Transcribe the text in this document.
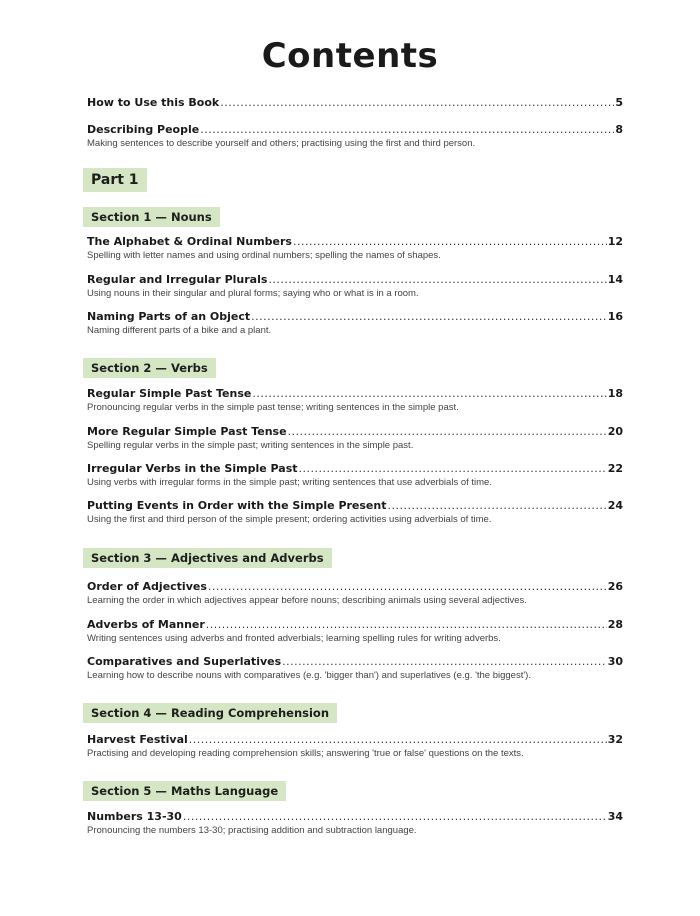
Contents
How to Use this Book .....	5
Describing People .....	8
Making sentences to describe yourself and others; practising using the first and third person.
Part 1
Section 1 — Nouns
The Alphabet & Ordinal Numbers .....	12
Spelling with letter names and using ordinal numbers; spelling the names of shapes.
Regular and Irregular Plurals .....	14
Using nouns in their singular and plural forms; saying who or what is in a room.
Naming Parts of an Object .....	16
Naming different parts of a bike and a plant.
Section 2 — Verbs
Regular Simple Past Tense .....	18
Pronouncing regular verbs in the simple past tense; writing sentences in the simple past.
More Regular Simple Past Tense .....	20
Spelling regular verbs in the simple past; writing sentences in the simple past.
Irregular Verbs in the Simple Past .....	22
Using verbs with irregular forms in the simple past; writing sentences that use adverbials of time.
Putting Events in Order with the Simple Present .....	24
Using the first and third person of the simple present; ordering activities using adverbials of time.
Section 3 — Adjectives and Adverbs
Order of Adjectives .....	26
Learning the order in which adjectives appear before nouns; describing animals using several adjectives.
Adverbs of Manner .....	28
Writing sentences using adverbs and fronted adverbials; learning spelling rules for writing adverbs.
Comparatives and Superlatives .....	30
Learning how to describe nouns with comparatives (e.g. 'bigger than') and superlatives (e.g. 'the biggest').
Section 4 — Reading Comprehension
Harvest Festival .....	32
Practising and developing reading comprehension skills; answering 'true or false' questions on the texts.
Section 5 — Maths Language
Numbers 13-30 .....	34
Pronouncing the numbers 13-30; practising addition and subtraction language.
